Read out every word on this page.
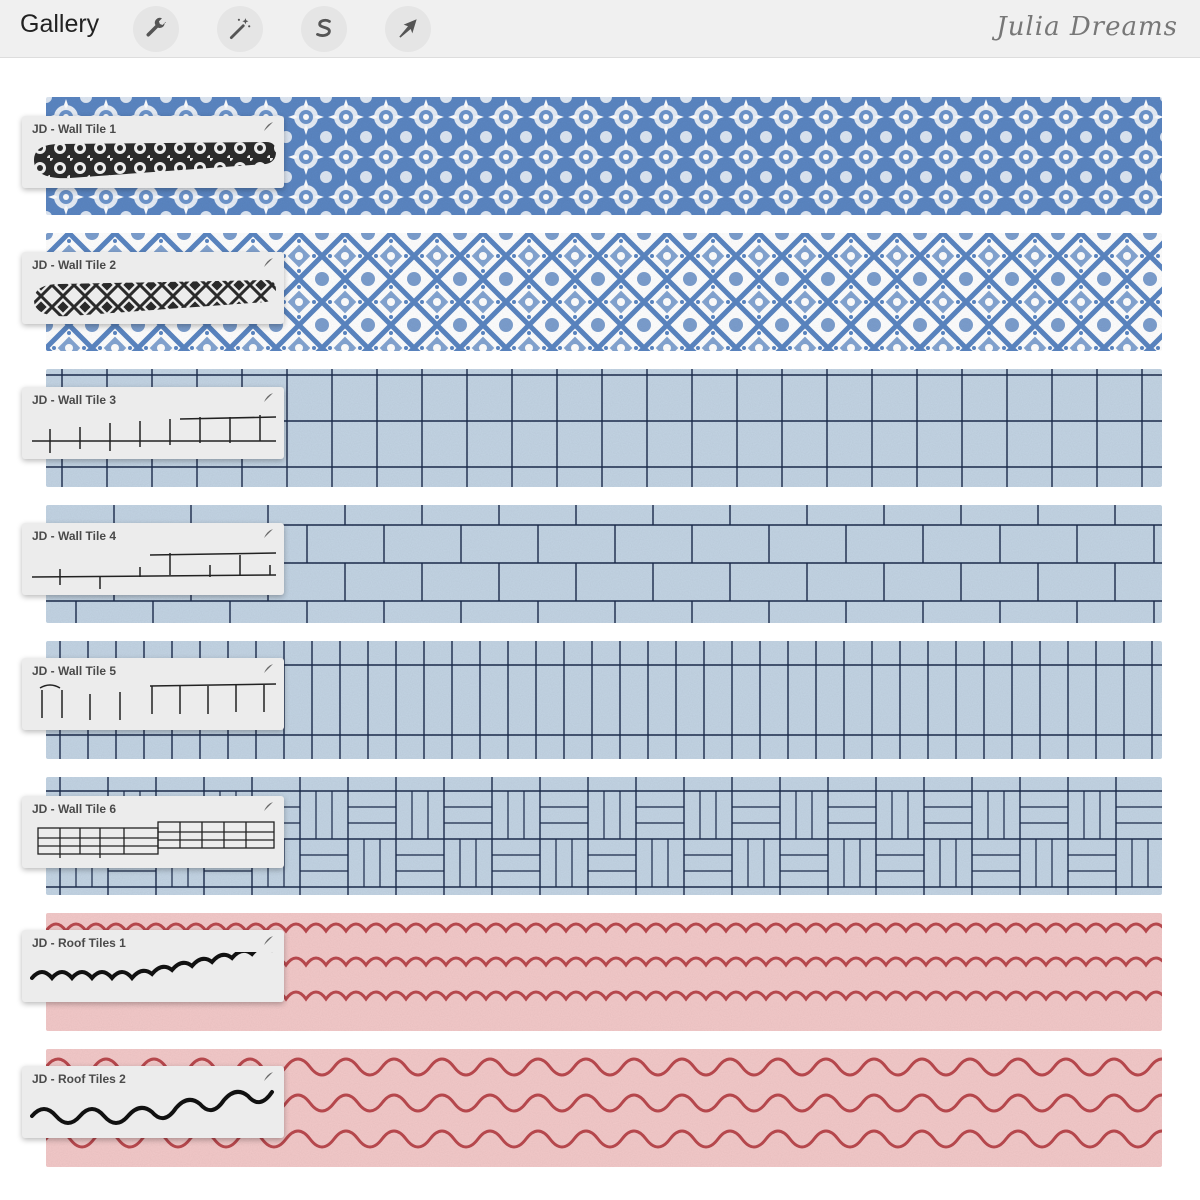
Gallery	Julia Dreams
JD - Wall Tile 1
JD - Wall Tile 2
JD - Wall Tile 3
JD - Wall Tile 4
JD - Wall Tile 5
JD - Wall Tile 6
JD - Roof Tiles 1
JD - Roof Tiles 2
